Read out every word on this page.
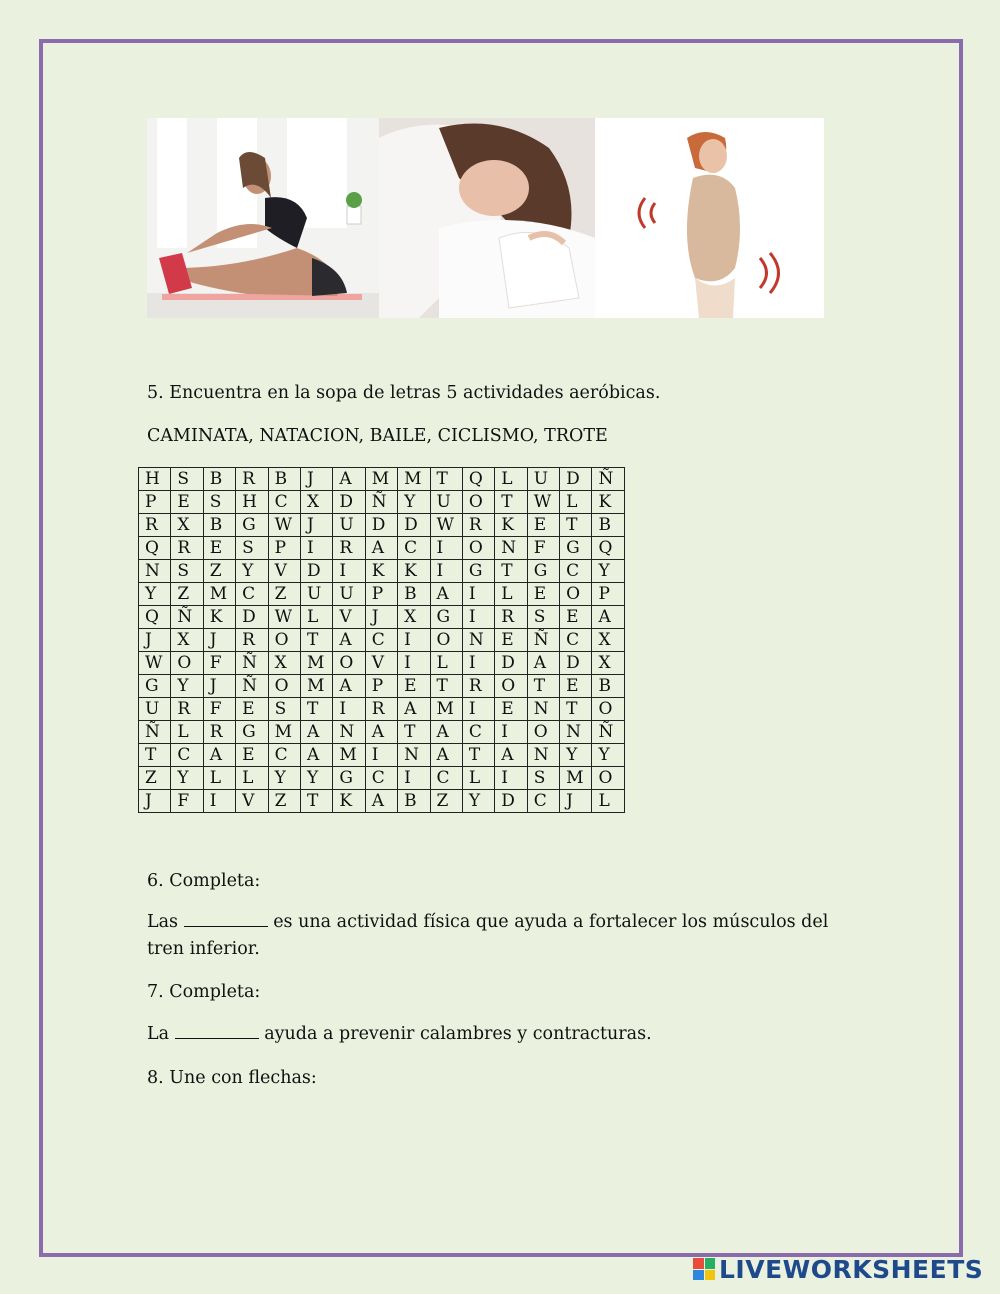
5. Encuentra en la sopa de letras 5 actividades aeróbicas.
CAMINATA, NATACION, BAILE, CICLISMO, TROTE
H	S	B	R	B	J	A	M	M	T	Q	L	U	D	Ñ
P	E	S	H	C	X	D	Ñ	Y	U	O	T	W	L	K
R	X	B	G	W	J	U	D	D	W	R	K	E	T	B
Q	R	E	S	P	I	R	A	C	I	O	N	F	G	Q
N	S	Z	Y	V	D	I	K	K	I	G	T	G	C	Y
Y	Z	M	C	Z	U	U	P	B	A	I	L	E	O	P
Q	Ñ	K	D	W	L	V	J	X	G	I	R	S	E	A
J	X	J	R	O	T	A	C	I	O	N	E	Ñ	C	X
W	O	F	Ñ	X	M	O	V	I	L	I	D	A	D	X
G	Y	J	Ñ	O	M	A	P	E	T	R	O	T	E	B
U	R	F	E	S	T	I	R	A	M	I	E	N	T	O
Ñ	L	R	G	M	A	N	A	T	A	C	I	O	N	Ñ
T	C	A	E	C	A	M	I	N	A	T	A	N	Y	Y
Z	Y	L	L	Y	Y	G	C	I	C	L	I	S	M	O
J	F	I	V	Z	T	K	A	B	Z	Y	D	C	J	L
6. Completa:
Las	es una actividad física que ayuda a fortalecer los músculos del tren inferior.
7. Completa:
La	ayuda a prevenir calambres y contracturas.
8. Une con flechas:
LIVEWORKSHEETS
